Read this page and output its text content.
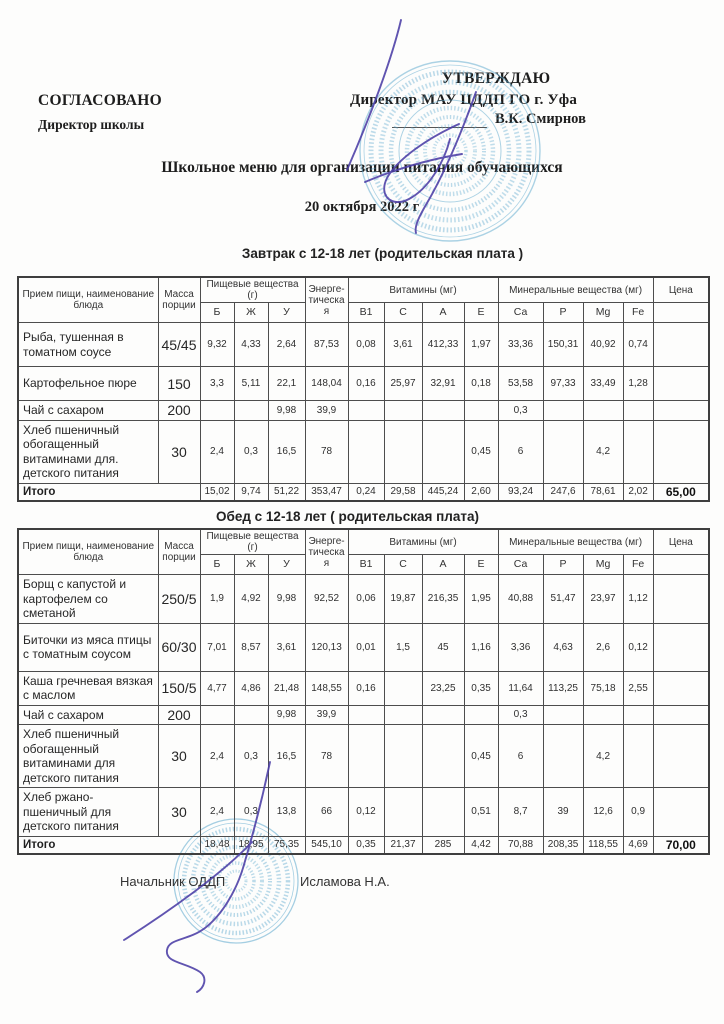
СОГЛАСОВАНО
Директор школы
УТВЕРЖДАЮ
Директор МАУ ЦДДП ГО г. Уфа
В.К. Смирнов
Школьное меню для организации питания обучающихся
20 октября 2022 г
Завтрак с 12-18 лет (родительская плата )
Прием пищи, наименование блюда	Масса порции	Пищевые вещества (г)			Энерге-тическая	Витамины (мг)				Минеральные вещества (мг)				Цена
		Б	Ж	У		В1	С	А	Е	Са	Р	Mg	Fe	
Рыба, тушенная в томатном соусе	45/45	9,32	4,33	2,64	87,53	0,08	3,61	412,33	1,97	33,36	150,31	40,92	0,74	
Картофельное пюре	150	3,3	5,11	22,1	148,04	0,16	25,97	32,91	0,18	53,58	97,33	33,49	1,28	
Чай с сахаром	200			9,98	39,9					0,3				
Хлеб пшеничный обогащенный витаминами для. детского питания	30	2,4	0,3	16,5	78				0,45	6		4,2		
Итого		15,02	9,74	51,22	353,47	0,24	29,58	445,24	2,60	93,24	247,6	78,61	2,02	65,00
Обед с 12-18 лет ( родительская плата)
Прием пищи, наименование блюда	Масса порции	Пищевые вещества (г)			Энерге-тическая	Витамины (мг)				Минеральные вещества (мг)				Цена
		Б	Ж	У		В1	С	А	Е	Са	Р	Mg	Fe	
Борщ с капустой и картофелем со сметаной	250/5	1,9	4,92	9,98	92,52	0,06	19,87	216,35	1,95	40,88	51,47	23,97	1,12	
Биточки из мяса птицы с томатным соусом	60/30	7,01	8,57	3,61	120,13	0,01	1,5	45	1,16	3,36	4,63	2,6	0,12	
Каша гречневая вязкая с маслом	150/5	4,77	4,86	21,48	148,55	0,16		23,25	0,35	11,64	113,25	75,18	2,55	
Чай с сахаром	200			9,98	39,9					0,3				
Хлеб пшеничный обогащенный витаминами для детского питания	30	2,4	0,3	16,5	78				0,45	6		4,2		
Хлеб ржано-пшеничный для детского питания	30	2,4	0,3	13,8	66	0,12			0,51	8,7	39	12,6	0,9	
Итого		18,48	18,95	75,35	545,10	0,35	21,37	285	4,42	70,88	208,35	118,55	4,69	70,00
Начальник ОДДП	Исламова Н.А.
